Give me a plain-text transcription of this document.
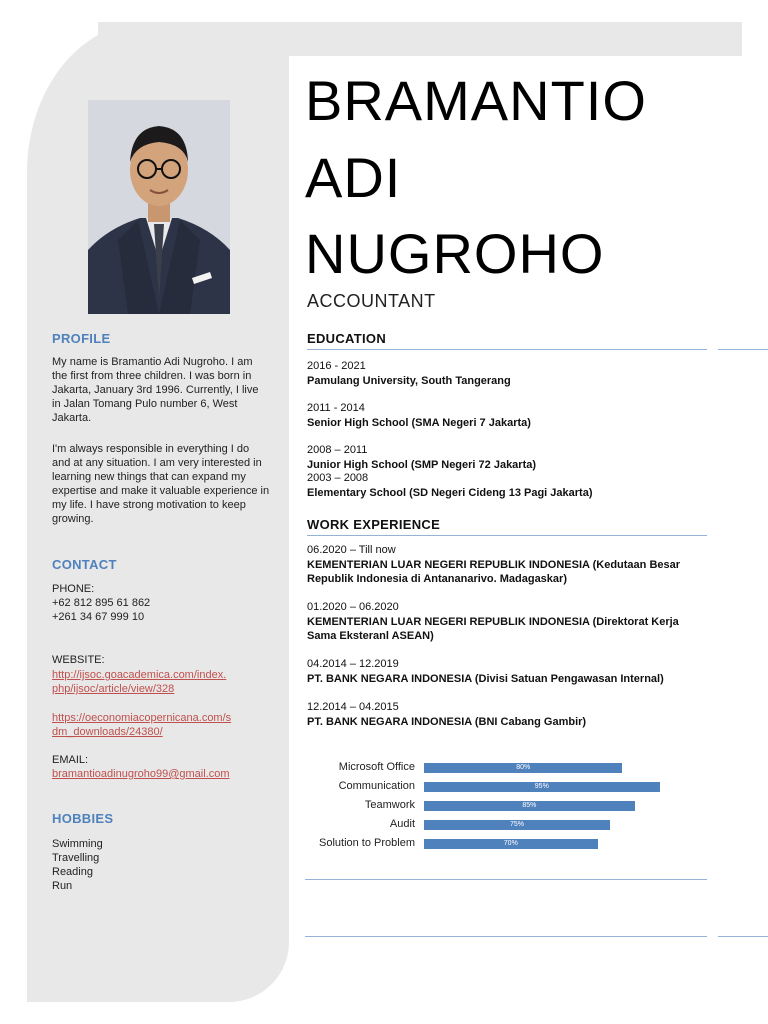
PROFILE

My name is Bramantio Adi Nugroho. I am the first from three children. I was born in Jakarta, January 3rd 1996. Currently, I live in Jalan Tomang Pulo number 6, West Jakarta.

I'm always responsible in everything I do and at any situation. I am very interested in learning new things that can expand my expertise and make it valuable experience in my life. I have strong motivation to keep growing.

CONTACT
PHONE:
+62 812 895 61 862
+261 34 67 999 10
WEBSITE:
http://ijsoc.goacademica.com/index.
php/ijsoc/article/view/328
https://oeconomiacopernicana.com/s
dm_downloads/24380/
EMAIL:
bramantioadinugroho99@gmail.com
HOBBIES
Swimming
Travelling
Reading
Run
BRAMANTIO
ADI
NUGROHO
ACCOUNTANT
EDUCATION
2016 - 2021
Pamulang University, South Tangerang
2011 - 2014
Senior High School (SMA Negeri 7 Jakarta)
2008 – 2011
Junior High School (SMP Negeri 72 Jakarta)
2003 – 2008
Elementary School (SD Negeri Cideng 13 Pagi Jakarta)
WORK EXPERIENCE
06.2020 – Till now
KEMENTERIAN LUAR NEGERI REPUBLIK INDONESIA (Kedutaan Besar Republik Indonesia di Antananarivo. Madagaskar)
01.2020 – 06.2020
KEMENTERIAN LUAR NEGERI REPUBLIK INDONESIA (Direktorat Kerja Sama Eksteranl ASEAN)
04.2014 – 12.2019
PT. BANK NEGARA INDONESIA (Divisi Satuan Pengawasan Internal)
12.2014 – 04.2015
PT. BANK NEGARA INDONESIA (BNI Cabang Gambir)
Microsoft Office	80%
Communication	95%
Teamwork	85%
Audit	75%
Solution to Problem	70%
